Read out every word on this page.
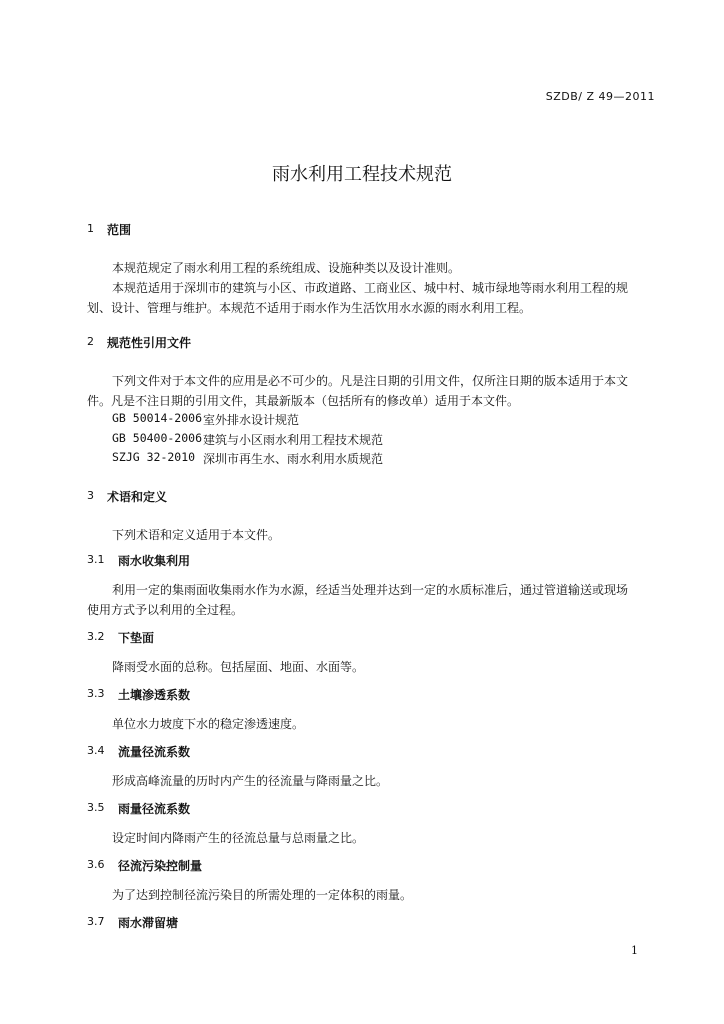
SZDB/ Z 49—2011
雨水利用工程技术规范
1 范围
本规范规定了雨水利用工程的系统组成、设施种类以及设计准则。
本规范适用于深圳市的建筑与小区、市政道路、工商业区、城中村、城市绿地等雨水利用工程的规
划、设计、管理与维护。本规范不适用于雨水作为生活饮用水水源的雨水利用工程。
2 规范性引用文件
下列文件对于本文件的应用是必不可少的。凡是注日期的引用文件，仅所注日期的版本适用于本文
件。凡是不注日期的引用文件，其最新版本（包括所有的修改单）适用于本文件。
GB 50014-2006 室外排水设计规范
GB 50400-2006 建筑与小区雨水利用工程技术规范
SZJG 32-2010 深圳市再生水、雨水利用水质规范
3 术语和定义
下列术语和定义适用于本文件。
3.1 雨水收集利用
利用一定的集雨面收集雨水作为水源，经适当处理并达到一定的水质标准后，通过管道输送或现场
使用方式予以利用的全过程。
3.2 下垫面
降雨受水面的总称。包括屋面、地面、水面等。
3.3 土壤渗透系数
单位水力坡度下水的稳定渗透速度。
3.4 流量径流系数
形成高峰流量的历时内产生的径流量与降雨量之比。
3.5 雨量径流系数
设定时间内降雨产生的径流总量与总雨量之比。
3.6 径流污染控制量
为了达到控制径流污染目的所需处理的一定体积的雨量。
3.7 雨水滞留塘
1
